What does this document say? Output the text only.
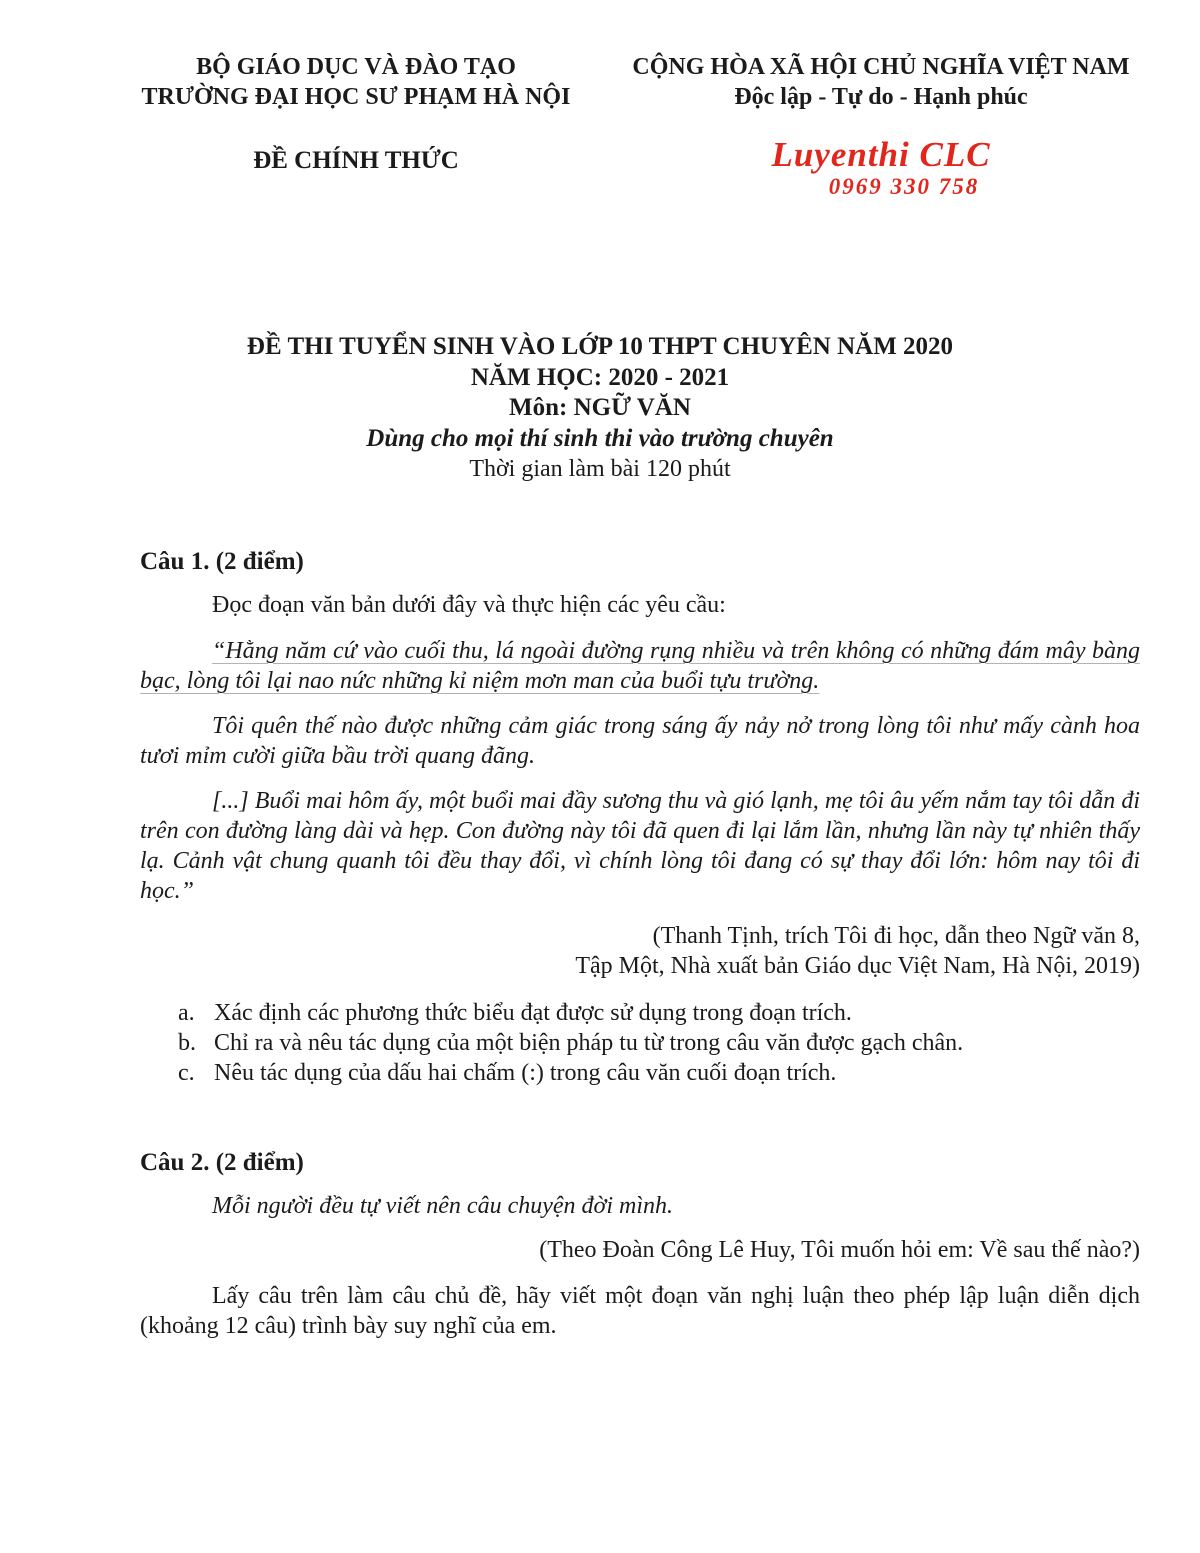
BỘ GIÁO DỤC VÀ ĐÀO TẠO
TRƯỜNG ĐẠI HỌC SƯ PHẠM HÀ NỘI
ĐỀ CHÍNH THỨC
CỘNG HÒA XÃ HỘI CHỦ NGHĨA VIỆT NAM
Độc lập - Tự do - Hạnh phúc
Luyenthi CLC
0969 330 758
ĐỀ THI TUYỂN SINH VÀO LỚP 10 THPT CHUYÊN NĂM 2020
NĂM HỌC: 2020 - 2021
Môn: NGỮ VĂN
Dùng cho mọi thí sinh thi vào trường chuyên
Thời gian làm bài 120 phút
Câu 1. (2 điểm)
Đọc đoạn văn bản dưới đây và thực hiện các yêu cầu:

“Hằng năm cứ vào cuối thu, lá ngoài đường rụng nhiều và trên không có những đám mây bàng bạc, lòng tôi lại nao nức những kỉ niệm mơn man của buổi tựu trường.

Tôi quên thế nào được những cảm giác trong sáng ấy nảy nở trong lòng tôi như mấy cành hoa tươi mỉm cười giữa bầu trời quang đãng.

[...] Buổi mai hôm ấy, một buổi mai đầy sương thu và gió lạnh, mẹ tôi âu yếm nắm tay tôi dẫn đi trên con đường làng dài và hẹp. Con đường này tôi đã quen đi lại lắm lần, nhưng lần này tự nhiên thấy lạ. Cảnh vật chung quanh tôi đều thay đổi, vì chính lòng tôi đang có sự thay đổi lớn: hôm nay tôi đi học.”

(Thanh Tịnh, trích Tôi đi học, dẫn theo Ngữ văn 8,
Tập Một, Nhà xuất bản Giáo dục Việt Nam, Hà Nội, 2019)
a. Xác định các phương thức biểu đạt được sử dụng trong đoạn trích.
b. Chỉ ra và nêu tác dụng của một biện pháp tu từ trong câu văn được gạch chân.
c. Nêu tác dụng của dấu hai chấm (:) trong câu văn cuối đoạn trích.
Câu 2. (2 điểm)
Mỗi người đều tự viết nên câu chuyện đời mình.
(Theo Đoàn Công Lê Huy, Tôi muốn hỏi em: Về sau thế nào?)

Lấy câu trên làm câu chủ đề, hãy viết một đoạn văn nghị luận theo phép lập luận diễn dịch (khoảng 12 câu) trình bày suy nghĩ của em.
